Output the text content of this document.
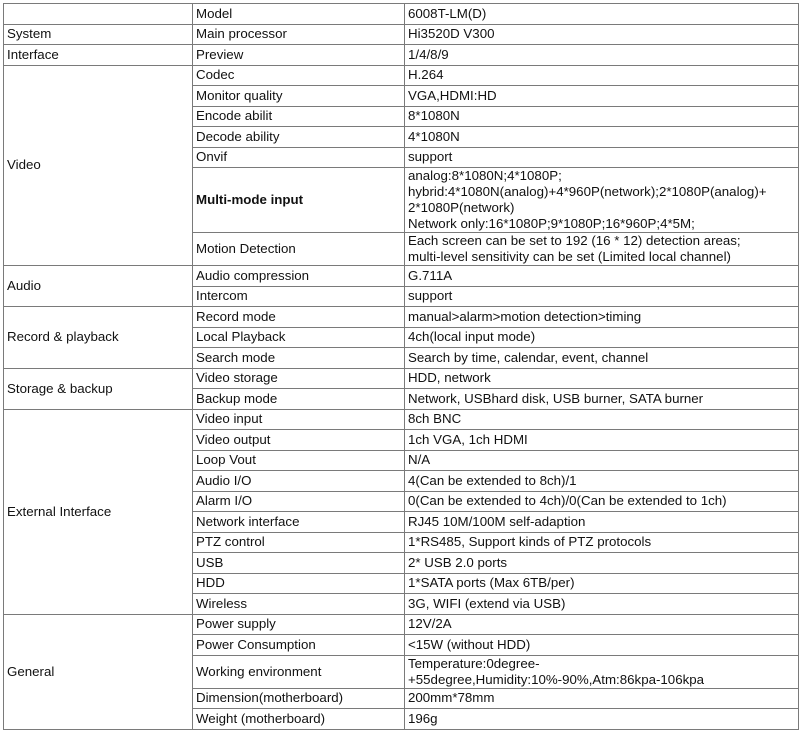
	Model	6008T-LM(D)
System	Main processor	Hi3520D V300
Interface	Preview	1/4/8/9
Video	Codec	H.264
	Monitor quality	VGA,HDMI:HD
	Encode abilit	8*1080N
	Decode ability	4*1080N
	Onvif	support
	Multi-mode input	analog:8*1080N;4*1080P;
hybrid:4*1080N(analog)+4*960P(network);2*1080P(analog)+
2*1080P(network)
Network only:16*1080P;9*1080P;16*960P;4*5M;

	Motion Detection	Each screen can be set to 192 (16 * 12) detection areas;
multi-level sensitivity can be set (Limited local channel)

Audio	Audio compression	G.711A
	Intercom	support
Record & playback	Record mode	manual>alarm>motion detection>timing
	Local Playback	4ch(local input mode)
	Search mode	Search by time, calendar, event, channel
Storage & backup	Video storage	HDD, network
	Backup mode	Network, USBhard disk, USB burner, SATA burner
External Interface	Video input	8ch BNC
	Video output	1ch VGA, 1ch HDMI
	Loop Vout	N/A
	Audio I/O	4(Can be extended to 8ch)/1
	Alarm I/O	0(Can be extended to 4ch)/0(Can be extended to 1ch)
	Network interface	RJ45 10M/100M self-adaption
	PTZ control	1*RS485, Support kinds of PTZ protocols
	USB	2* USB 2.0 ports
	HDD	1*SATA ports (Max 6TB/per)
	Wireless	3G, WIFI (extend via USB)
General	Power supply	12V/2A
	Power Consumption	<15W (without HDD)
	Working environment	Temperature:0degree-
+55degree,Humidity:10%-90%,Atm:86kpa-106kpa

	Dimension(motherboard)	200mm*78mm
	Weight (motherboard)	196g
